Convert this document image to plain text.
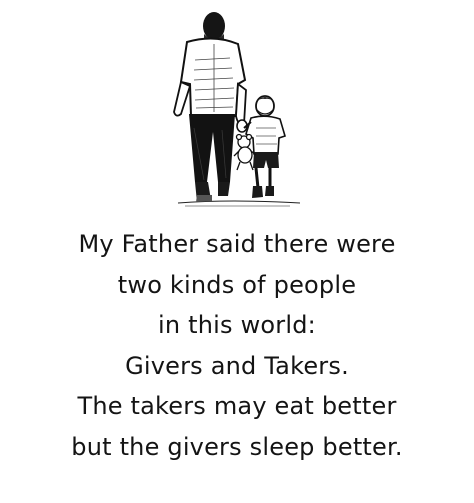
My Father said there were
two kinds of people
in this world:
Givers and Takers.
The takers may eat better
but the givers sleep better.
